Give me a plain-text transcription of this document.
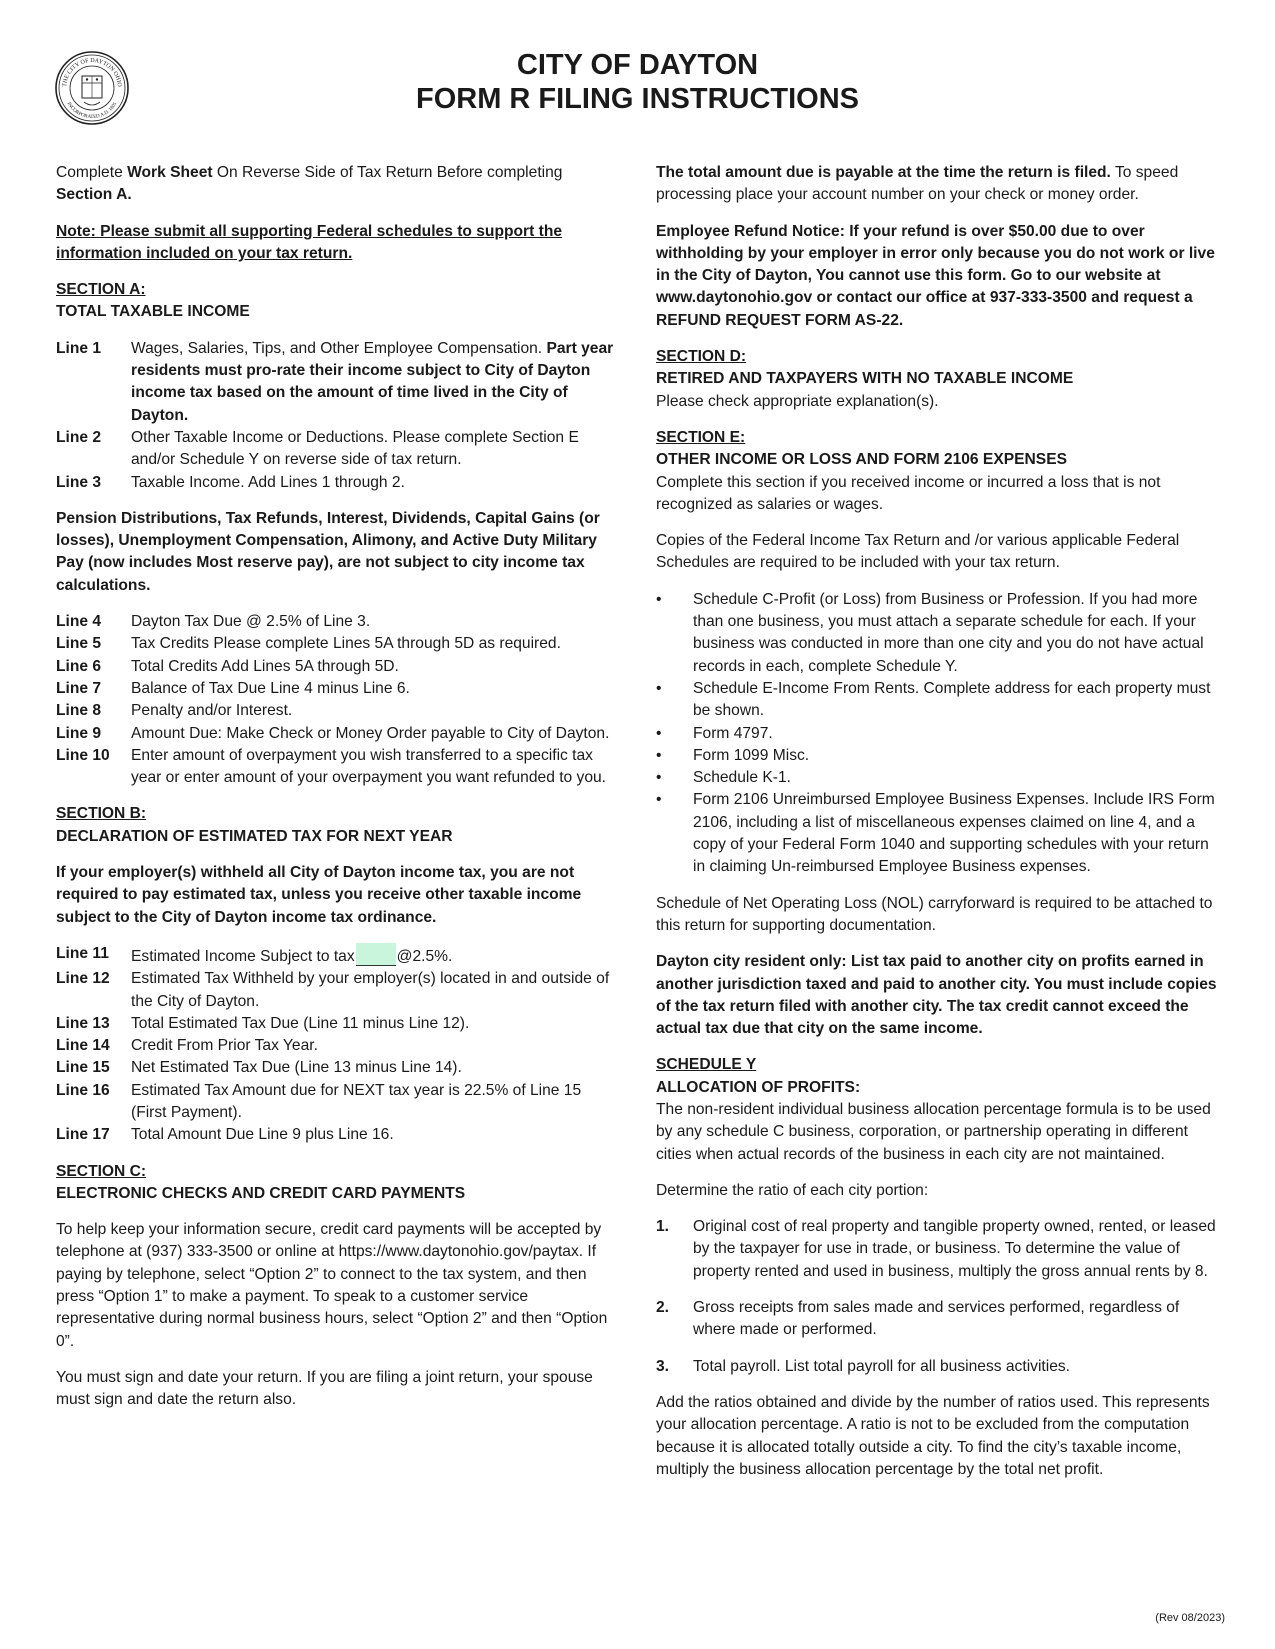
THE CITY OF DAYTON OHIO
INCORPORATED A.D. 1805
CITY OF DAYTON
FORM R FILING INSTRUCTIONS

Complete Work Sheet On Reverse Side of Tax Return Before completing Section A.

Note: Please submit all supporting Federal schedules to support the information included on your tax return.

SECTION A:
TOTAL TAXABLE INCOME
Line 1	Wages, Salaries, Tips, and Other Employee Compensation. Part year residents must pro-rate their income subject to City of Dayton income tax based on the amount of time lived in the City of Dayton.
Line 2	Other Taxable Income or Deductions. Please complete Section E and/or Schedule Y on reverse side of tax return.
Line 3	Taxable Income. Add Lines 1 through 2.

Pension Distributions, Tax Refunds, Interest, Dividends, Capital Gains (or losses), Unemployment Compensation, Alimony, and Active Duty Military Pay (now includes Most reserve pay), are not subject to city income tax calculations.

Line 4	Dayton Tax Due @ 2.5% of Line 3.
Line 5	Tax Credits Please complete Lines 5A through 5D as required.
Line 6	Total Credits Add Lines 5A through 5D.
Line 7	Balance of Tax Due Line 4 minus Line 6.
Line 8	Penalty and/or Interest.
Line 9	Amount Due: Make Check or Money Order payable to City of Dayton.
Line 10	Enter amount of overpayment you wish transferred to a specific tax year or enter amount of your overpayment you want refunded to you.
SECTION B:
DECLARATION OF ESTIMATED TAX FOR NEXT YEAR

If your employer(s) withheld all City of Dayton income tax, you are not required to pay estimated tax, unless you receive other taxable income subject to the City of Dayton income tax ordinance.

Line 11	Estimated Income Subject to tax	@2.5%.
Line 12	Estimated Tax Withheld by your employer(s) located in and outside of the City of Dayton.
Line 13	Total Estimated Tax Due (Line 11 minus Line 12).
Line 14	Credit From Prior Tax Year.
Line 15	Net Estimated Tax Due (Line 13 minus Line 14).
Line 16	Estimated Tax Amount due for NEXT tax year is 22.5% of Line 15 (First Payment).
Line 17	Total Amount Due Line 9 plus Line 16.
SECTION C:
ELECTRONIC CHECKS AND CREDIT CARD PAYMENTS

To help keep your information secure, credit card payments will be accepted by telephone at (937) 333-3500 or online at https://www.daytonohio.gov/paytax. If paying by telephone, select “Option 2” to connect to the tax system, and then press “Option 1” to make a payment. To speak to a customer service representative during normal business hours, select “Option 2” and then “Option 0”.

You must sign and date your return. If you are filing a joint return, your spouse must sign and date the return also.

The total amount due is payable at the time the return is filed. To speed processing place your account number on your check or money order.

Employee Refund Notice: If your refund is over $50.00 due to over withholding by your employer in error only because you do not work or live in the City of Dayton, You cannot use this form. Go to our website at www.daytonohio.gov or contact our office at 937-333-3500 and request a REFUND REQUEST FORM AS-22.

SECTION D:
RETIRED AND TAXPAYERS WITH NO TAXABLE INCOME
Please check appropriate explanation(s).
SECTION E:
OTHER INCOME OR LOSS AND FORM 2106 EXPENSES
Complete this section if you received income or incurred a loss that is not recognized as salaries or wages.

Copies of the Federal Income Tax Return and /or various applicable Federal Schedules are required to be included with your tax return.

•	Schedule C-Profit (or Loss) from Business or Profession. If you had more than one business, you must attach a separate schedule for each. If your business was conducted in more than one city and you do not have actual records in each, complete Schedule Y.
•	Schedule E-Income From Rents. Complete address for each property must be shown.
•	Form 4797.
•	Form 1099 Misc.
•	Schedule K-1.
•	Form 2106 Unreimbursed Employee Business Expenses. Include IRS Form 2106, including a list of miscellaneous expenses claimed on line 4, and a copy of your Federal Form 1040 and supporting schedules with your return in claiming Un-reimbursed Employee Business expenses.

Schedule of Net Operating Loss (NOL) carryforward is required to be attached to this return for supporting documentation.

Dayton city resident only: List tax paid to another city on profits earned in another jurisdiction taxed and paid to another city. You must include copies of the tax return filed with another city. The tax credit cannot exceed the actual tax due that city on the same income.

SCHEDULE Y
ALLOCATION OF PROFITS:
The non-resident individual business allocation percentage formula is to be used by any schedule C business, corporation, or partnership operating in different cities when actual records of the business in each city are not maintained.

Determine the ratio of each city portion:

1.	Original cost of real property and tangible property owned, rented, or leased by the taxpayer for use in trade, or business. To determine the value of property rented and used in business, multiply the gross annual rents by 8.
2.	Gross receipts from sales made and services performed, regardless of where made or performed.
3.	Total payroll. List total payroll for all business activities.

Add the ratios obtained and divide by the number of ratios used. This represents your allocation percentage. A ratio is not to be excluded from the computation because it is allocated totally outside a city. To find the city’s taxable income, multiply the business allocation percentage by the total net profit.

(Rev 08/2023)
